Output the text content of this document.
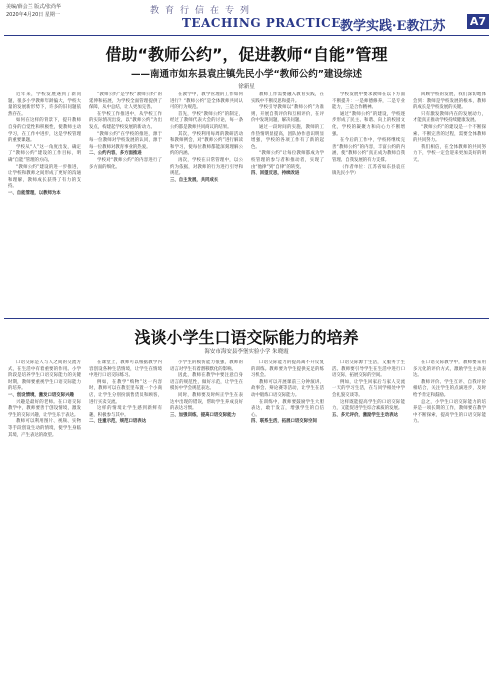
美编/薛会兰 版式/张尚华
2020年4月20日 星期一	教 育 行 信 在 专 列
TEACHING PRACTICE 教学实践·E教江苏 A7
借助“教师公约”，促进教师“自能”管理
——南通市如东县袁庄镇先民小学“教师公约”建设综述
徐新星

近年来，学校发展遇到了新问题，很多小学教师年龄偏大，学校大量的发展新形势下，许多的旧问题依然存在。

如何在这样的背景下，提升教师自身的自觉性和积极性，使教师主动学习，在工作中进步，这是学校管理的重要课题。

学校从“人”这一角度出发，确定了“教师公约”建设的工作目标，明确“自能”管理的方向。

“教师公约”建设的进一步推进，让学校和教师之间形成了更好的沟通和理解，教师成长获得了有力的支持。

一、自能管理，以教师为本

“教师公约”是学校“教师公约”的延伸和拓展，为学校全面管理提供了保障，从中总结，让人更加完善。

在学校工作推进中，从学校工作的实际情况出发，以“教师公约”为出发点，构建起学校发展的新动力。

“教师公约”在学校的推进，源于每一位教师对学校发展的认同，源于每一位教师对教育事业的热爱。

二、公约内容，多方面推进

学校对“教师公约”的内容进行了多方面的细化。

在教学中，教学管理的工作如何进行？“教师公约”是全体教师共同认可的行为规范。

首先，学校“教师公约”的制定，经过了教师代表大会的讨论，每一条公约都是教师共同商议的结果。

其次，学校利用每周的教研活动和教师例会，对“教师公约”进行解读和学习，使每位教师都能深刻理解公约的内涵。

再次，学校在日常管理中，以公约为依据，对教师的行为进行引导和规范。

三、自主发展，共同成长

教师工作需要融入教育实践，在实践中不断反思和提升。

学校引导教师以“教师公约”为准则，开展自我评价和互相评价，在评价中发现问题，解决问题。

通过一段时间的实施，教师的工作热情明显提高，团队协作意识明显增强，学校的各项工作有了新的起色。

“教师公约”让每位教师都成为学校管理的参与者和推动者，实现了由“他律”到“自律”的转变。

四、回望反思，持续改进

学校发展中要求教师在以下方面不断提升：一是师德修养，二是专业能力，三是合作精神。

通过“教师公约”的建设，学校逐步形成了民主、和谐、向上的校园文化，学校的凝聚力和向心力不断增强。

在今后的工作中，学校将继续完善“教师公约”的内容，丰富公约的内涵，使“教师公约”真正成为教师自我管理、自我发展的有力支撑。

（作者单位：江苏省如东县袁庄镇先民小学）

回顾学校的发展，我们深切地体会到：教师是学校发展的根本，教师的成长是学校发展的关键。

只有激发教师内在的发展动力，才能真正推动学校持续健康发展。

“教师公约”的建设是一个不断探索、不断完善的过程，需要全体教师的共同努力。

我们相信，在全体教师的共同努力下，学校一定会迎来更加美好的明天。

浅谈小学生口语交际能力的培养
海安市海安县李堡实验小学 朱晓霞

口语交际是人与人之间的交流方式，在生活中有着重要的作用。小学阶段是培养学生口语交际能力的关键时期，教师要重视学生口语交际能力的培养。

一、创设情境，激发口语交际兴趣

兴趣是最好的老师。在口语交际教学中，教师要善于创设情境，激发学生的交际兴趣，让学生乐于表达。

教师可以利用图片、视频、实物等手段创设生动的情境，使学生身临其境，产生表达的欲望。

在课堂上，教师可以根据教学内容创设各种生活情境，让学生在情境中进行口语交际练习。

例如，在教学“购物”这一内容时，教师可以在教室里布置一个小商店，让学生分别扮演售货员和顾客，进行买卖交流。

这样的情境让学生感到新鲜有趣，积极参与其中。

二、注重示范，规范口语表达

小学生的模仿能力很强，教师的语言对学生有着潜移默化的影响。

因此，教师在教学中要注意自身语言的规范性，做好示范，让学生在模仿中学会规范表达。

同时，教师要及时纠正学生在表达中出现的错误，帮助学生养成良好的表达习惯。

三、加强训练，提高口语交际能力

口语交际能力的提高离不开反复的训练。教师要为学生提供充足的练习机会。

教师可以开展课前三分钟演讲、故事会、辩论赛等活动，让学生在活动中锻炼口语交际能力。

在训练中，教师要鼓励学生大胆表达，敢于发言，增强学生的自信心。

四、联系生活，拓展口语交际空间

口语交际源于生活，又服务于生活。教师要引导学生在生活中进行口语交际，拓展交际的空间。

例如，让学生回家后与家人交流一天的学习生活，在与同学相处中学会礼貌交谈等。

这样既能提高学生的口语交际能力，又能促进学生综合素质的发展。

五、多元评价，激励学生主动表达

在口语交际教学中，教师要采用多元化的评价方式，激励学生主动表达。

教师评价、学生互评、自我评价相结合，关注学生的点滴进步，及时给予肯定和鼓励。

总之，小学生口语交际能力的培养是一项长期的工作，教师要在教学中不断探索，提高学生的口语交际能力。
